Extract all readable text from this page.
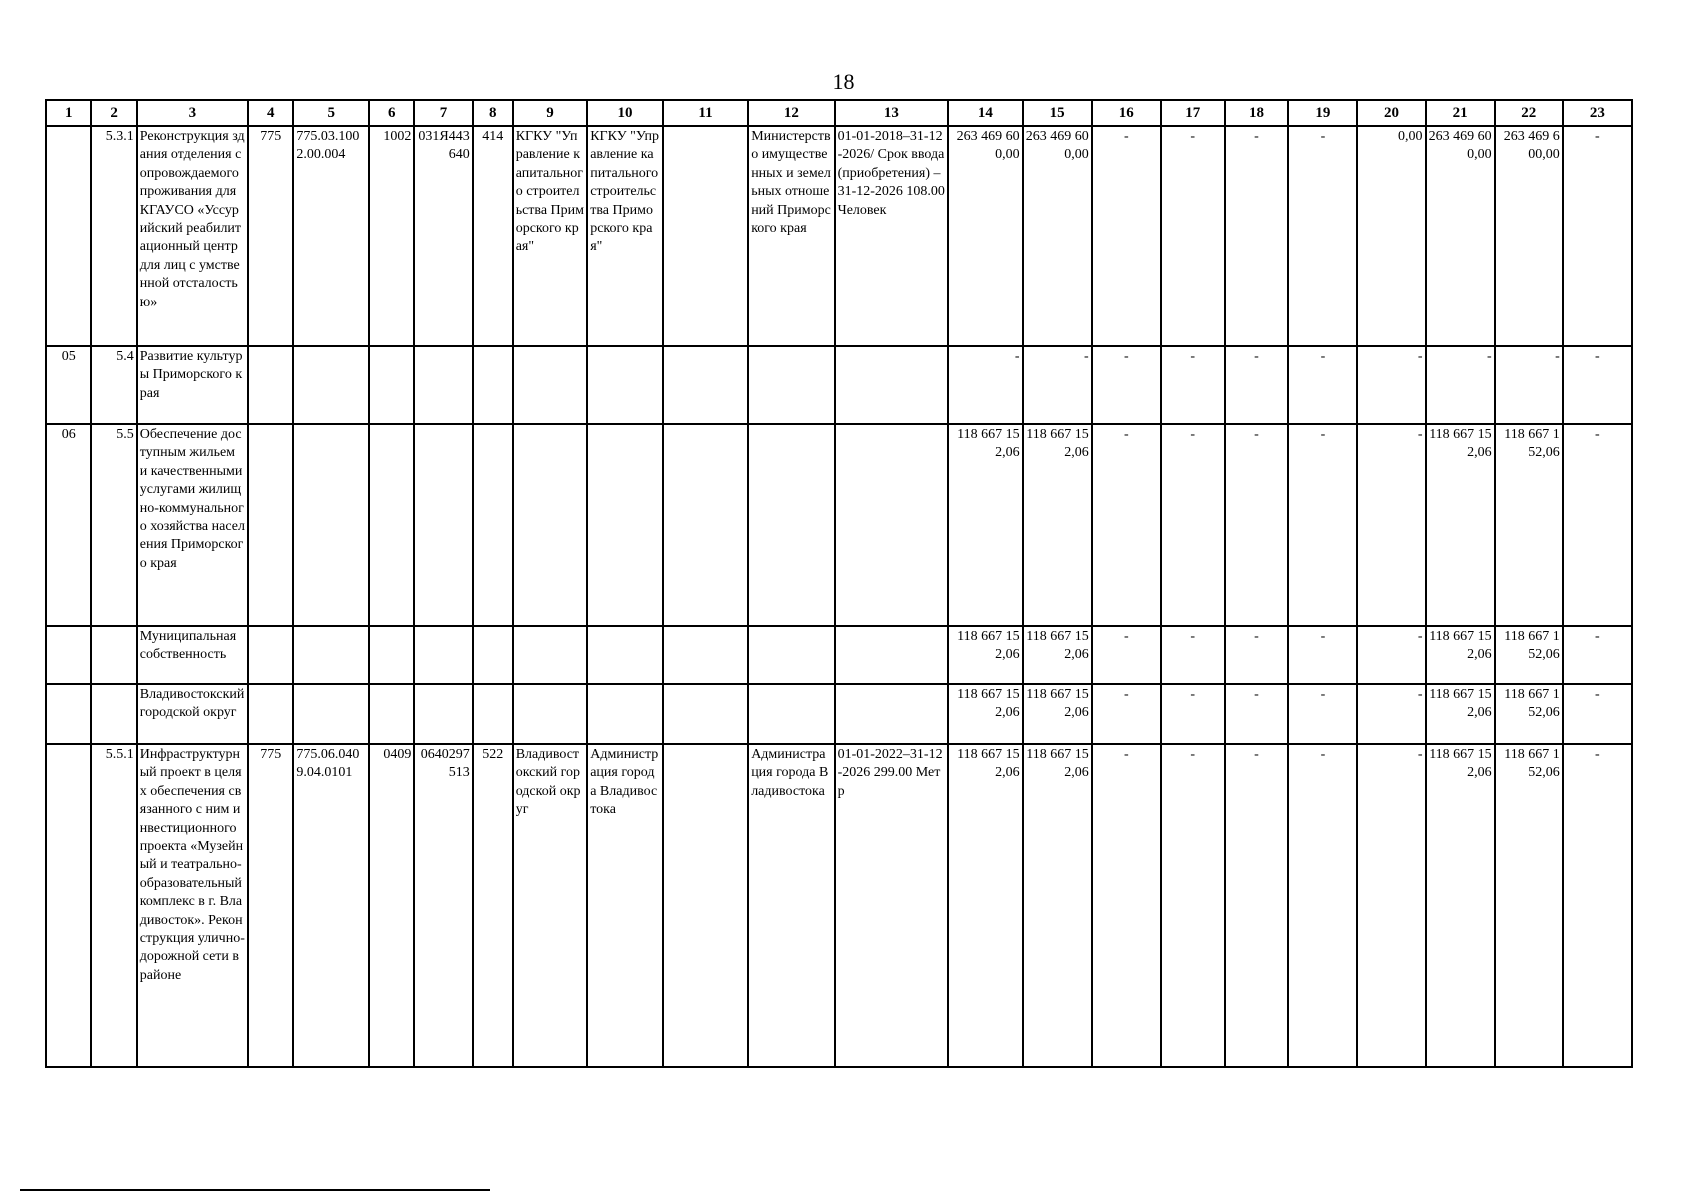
18
1	2	3	4	5	6	7	8	9	10	11	12	13	14	15	16	17	18	19	20	21	22	23
	5.3.1	Реконструкция здания отделения сопровождаемого проживания для КГАУСО «Уссурийский реабилитационный центр для лиц с умственной отсталостью»	775	775.03.1002.00.004	1002	031Я443640	414	КГКУ "Управление капитального строительства Приморского края"	КГКУ "Управление капитального строительства Приморского края"		Министерство имущественных и земельных отношений Приморского края	01-01-2018–31-12-2026/ Срок ввода (приобретения) – 31-12-2026 108.00 Человек	263 469 600,00	263 469 600,00	-	-	-	-	0,00	263 469 600,00	263 469 600,00	-
05	5.4	Развитие культуры Приморского края											-	-	-	-	-	-	-	-	-	-
06	5.5	Обеспечение доступным жильем и качественными услугами жилищно-коммунального хозяйства населения Приморского края											118 667 152,06	118 667 152,06	-	-	-	-	-	118 667 152,06	118 667 152,06	-
		Муниципальная собственность											118 667 152,06	118 667 152,06	-	-	-	-	-	118 667 152,06	118 667 152,06	-
		Владивостокский городской округ											118 667 152,06	118 667 152,06	-	-	-	-	-	118 667 152,06	118 667 152,06	-
	5.5.1	Инфраструктурный проект в целях обеспечения связанного с ним инвестиционного проекта «Музейный и театрально-образовательный комплекс в г. Владивосток». Реконструкция улично-дорожной сети в районе	775	775.06.0409.04.0101	0409	0640297513	522	Владивостокский городской округ	Администрация города Владивостока		Администрация города Владивостока	01-01-2022–31-12-2026 299.00 Метр	118 667 152,06	118 667 152,06	-	-	-	-	-	118 667 152,06	118 667 152,06	-
